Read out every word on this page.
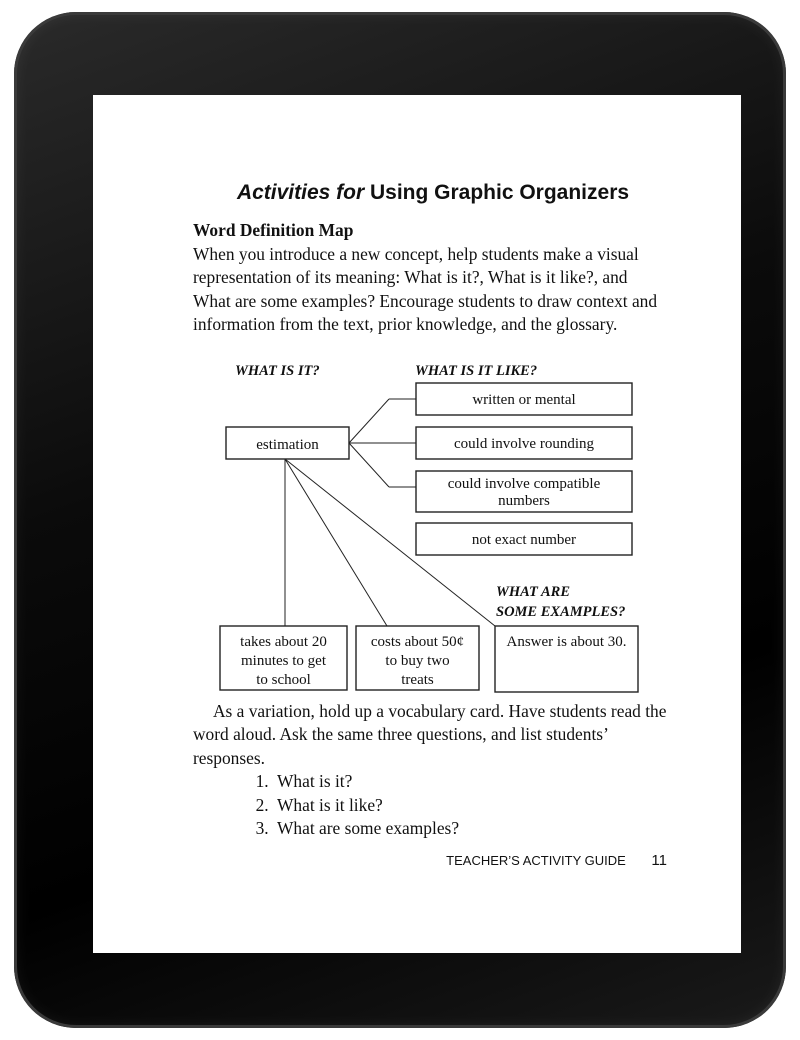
Activities for Using Graphic Organizers
Word Definition Map

When you introduce a new concept, help students make a visual representation of its meaning: What is it?, What is it like?, and What are some examples? Encourage students to draw context and information from the text, prior knowledge, and the glossary.

WHAT IS IT?	WHAT IS IT LIKE?
WHAT ARE
SOME EXAMPLES?
estimation
written or mental
could involve rounding
could involve compatible
numbers
not exact number
takes about 20
minutes to get
to school
costs about 50¢
to buy two
treats
Answer is about 30.

As a variation, hold up a vocabulary card. Have students read the word aloud. Ask the same three questions, and list students’ responses.

1. What is it?
2. What is it like?
3. What are some examples?
TEACHER’S ACTIVITY GUIDE 11
